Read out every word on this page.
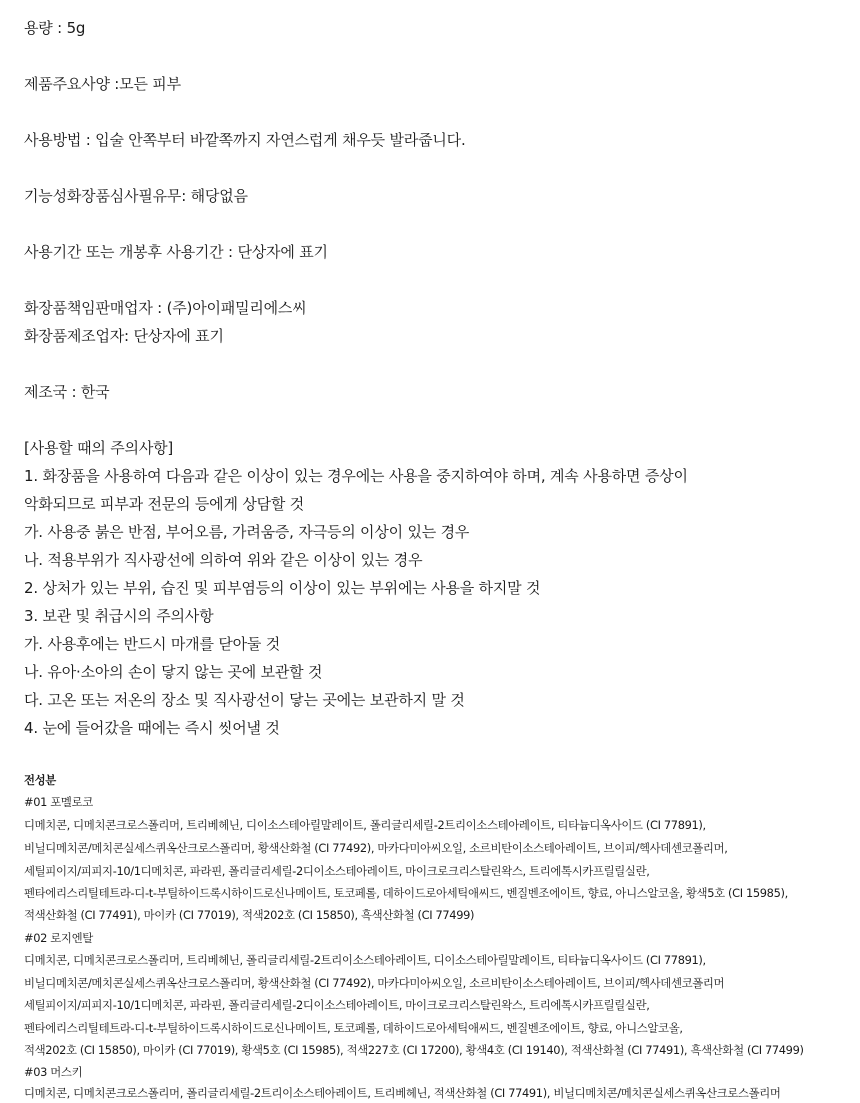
용량 : 5g
제품주요사양 :모든 피부
사용방법 : 입술 안쪽부터 바깥쪽까지 자연스럽게 채우듯 발라줍니다.
기능성화장품심사필유무: 해당없음
사용기간 또는 개봉후 사용기간 : 단상자에 표기
화장품책임판매업자 : (주)아이패밀리에스씨
화장품제조업자: 단상자에 표기
제조국 : 한국
[사용할 때의 주의사항]
1. 화장품을 사용하여 다음과 같은 이상이 있는 경우에는 사용을 중지하여야 하며, 계속 사용하면 증상이
악화되므로 피부과 전문의 등에게 상담할 것
가. 사용중 붉은 반점, 부어오름, 가려움증, 자극등의 이상이 있는 경우
나. 적용부위가 직사광선에 의하여 위와 같은 이상이 있는 경우
2. 상처가 있는 부위, 습진 및 피부염등의 이상이 있는 부위에는 사용을 하지말 것
3. 보관 및 취급시의 주의사항
가. 사용후에는 반드시 마개를 닫아둘 것
나. 유아·소아의 손이 닿지 않는 곳에 보관할 것
다. 고온 또는 저온의 장소 및 직사광선이 닿는 곳에는 보관하지 말 것
4. 눈에 들어갔을 때에는 즉시 씻어낼 것
전성분
#01 포멜로코
디메치콘, 디메치콘크로스폴리머, 트리베헤닌, 디이소스테아릴말레이트, 폴리글리세릴-2트리이소스테아레이트, 티타늄디옥사이드 (CI 77891),
비닐디메치콘/메치콘실세스퀴옥산크로스폴리머, 황색산화철 (CI 77492), 마카다미아씨오일, 소르비탄이소스테아레이트, 브이피/헥사데센코폴리머,
세틸피이지/피피지-10/1디메치콘, 파라핀, 폴리글리세릴-2디이소스테아레이트, 마이크로크리스탈린왁스, 트리에톡시카프릴릴실란,
펜타에리스리틸테트라-디-t-부틸하이드록시하이드로신나메이트, 토코페롤, 데하이드로아세틱애씨드, 벤질벤조에이트, 향료, 아니스알코올, 황색5호 (CI 15985),
적색산화철 (CI 77491), 마이카 (CI 77019), 적색202호 (CI 15850), 흑색산화철 (CI 77499)
#02 로지엔탈
디메치콘, 디메치콘크로스폴리머, 트리베헤닌, 폴리글리세릴-2트리이소스테아레이트, 디이소스테아릴말레이트, 티타늄디옥사이드 (CI 77891),
비닐디메치콘/메치콘실세스퀴옥산크로스폴리머, 황색산화철 (CI 77492), 마카다미아씨오일, 소르비탄이소스테아레이트, 브이피/헥사데센코폴리머
세틸피이지/피피지-10/1디메치콘, 파라핀, 폴리글리세릴-2디이소스테아레이트, 마이크로크리스탈린왁스, 트리에톡시카프릴릴실란,
펜타에리스리틸테트라-디-t-부틸하이드록시하이드로신나메이트, 토코페롤, 데하이드로아세틱애씨드, 벤질벤조에이트, 향료, 아니스알코올,
적색202호 (CI 15850), 마이카 (CI 77019), 황색5호 (CI 15985), 적색227호 (CI 17200), 황색4호 (CI 19140), 적색산화철 (CI 77491), 흑색산화철 (CI 77499)
#03 머스키
디메치콘, 디메치콘크로스폴리머, 폴리글리세릴-2트리이소스테아레이트, 트리베헤닌, 적색산화철 (CI 77491), 비닐디메치콘/메치콘실세스퀴옥산크로스폴리머
